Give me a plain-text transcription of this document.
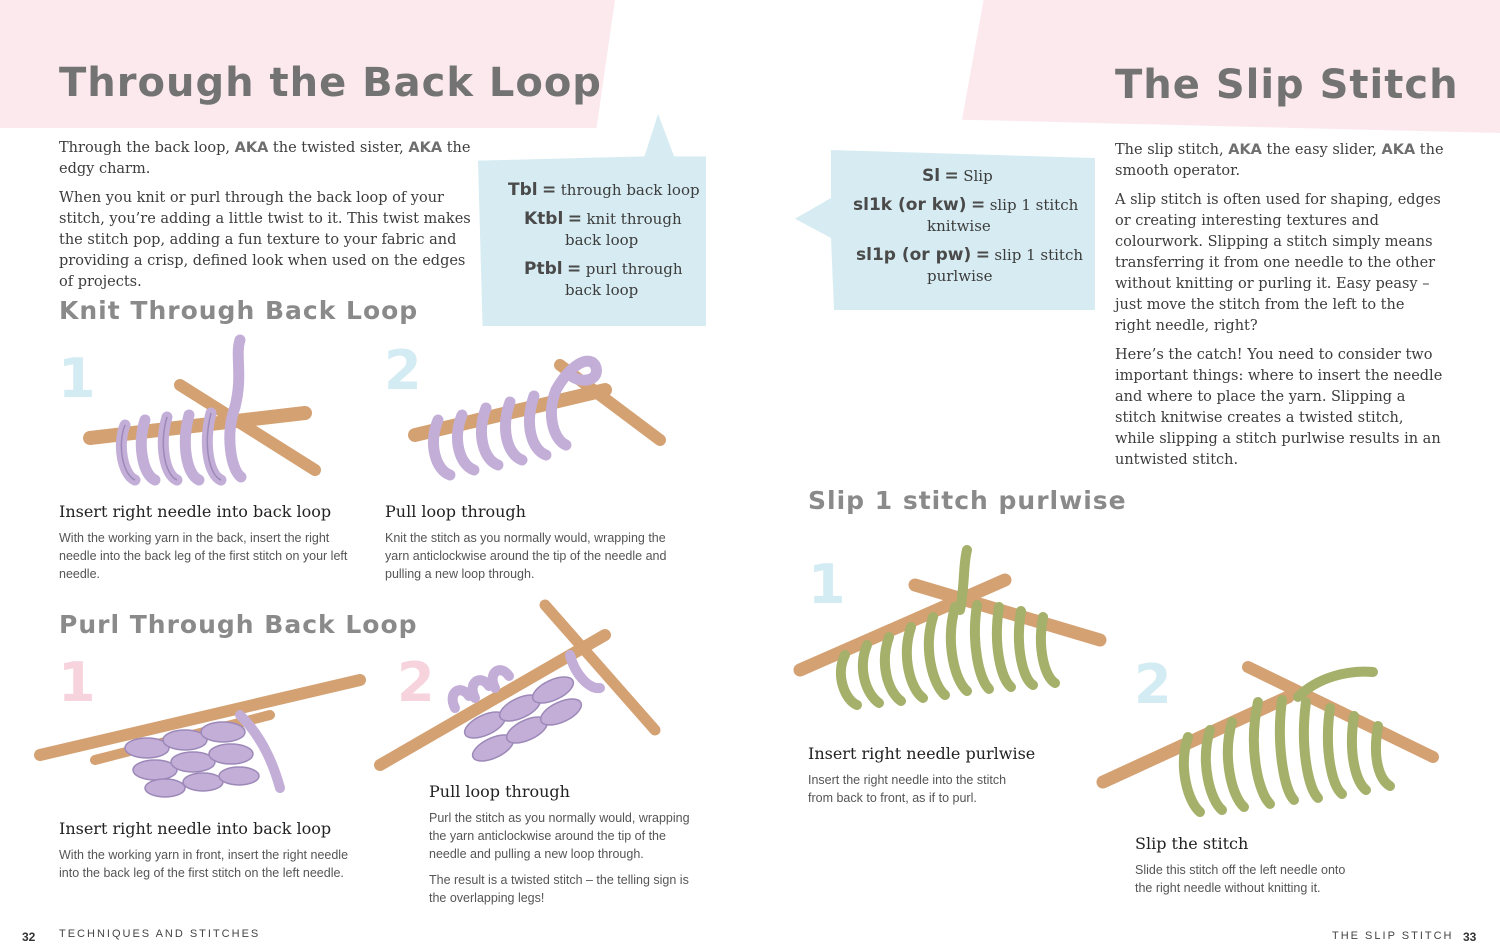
Through the Back Loop

Through the back loop, AKA the twisted sister, AKA the edgy charm.

When you knit or purl through the back loop of your stitch, you’re adding a little twist to it. This twist makes the stitch pop, adding a fun texture to your fabric and providing a crisp, defined look when used on the edges of projects.

Tbl = through back loop
Ktbl = knit through
back loop
Ptbl = purl through
back loop
Knit Through Back Loop
1
Insert right needle into back loop
With the working yarn in the back, insert the right needle into the back leg of the first stitch on your left needle.
2
Pull loop through
Knit the stitch as you normally would, wrapping the yarn anticlockwise around the tip of the needle and pulling a new loop through.
Purl Through Back Loop
1
Insert right needle into back loop
With the working yarn in front, insert the right needle into the back leg of the first stitch on the left needle.
2
Pull loop through

Purl the stitch as you normally would, wrapping the yarn anticlockwise around the tip of the needle and pulling a new loop through.

The result is a twisted stitch – the telling sign is the overlapping legs!

32 TECHNIQUES AND STITCHES
The Slip Stitch
Sl = Slip
sl1k (or kw) = slip 1 stitch
knitwise
sl1p (or pw) = slip 1 stitch
purlwise

The slip stitch, AKA the easy slider, AKA the smooth operator.

A slip stitch is often used for shaping, edges or creating interesting textures and colourwork. Slipping a stitch simply means transferring it from one needle to the other without knitting or purling it. Easy peasy – just move the stitch from the left to the right needle, right?

Here’s the catch! You need to consider two important things: where to insert the needle and where to place the yarn. Slipping a stitch knitwise creates a twisted stitch, while slipping a stitch purlwise results in an untwisted stitch.

Slip 1 stitch purlwise
1
Insert right needle purlwise
Insert the right needle into the stitch from back to front, as if to purl.
2
Slip the stitch
Slide this stitch off the left needle onto the right needle without knitting it.
THE SLIP STITCH 33
